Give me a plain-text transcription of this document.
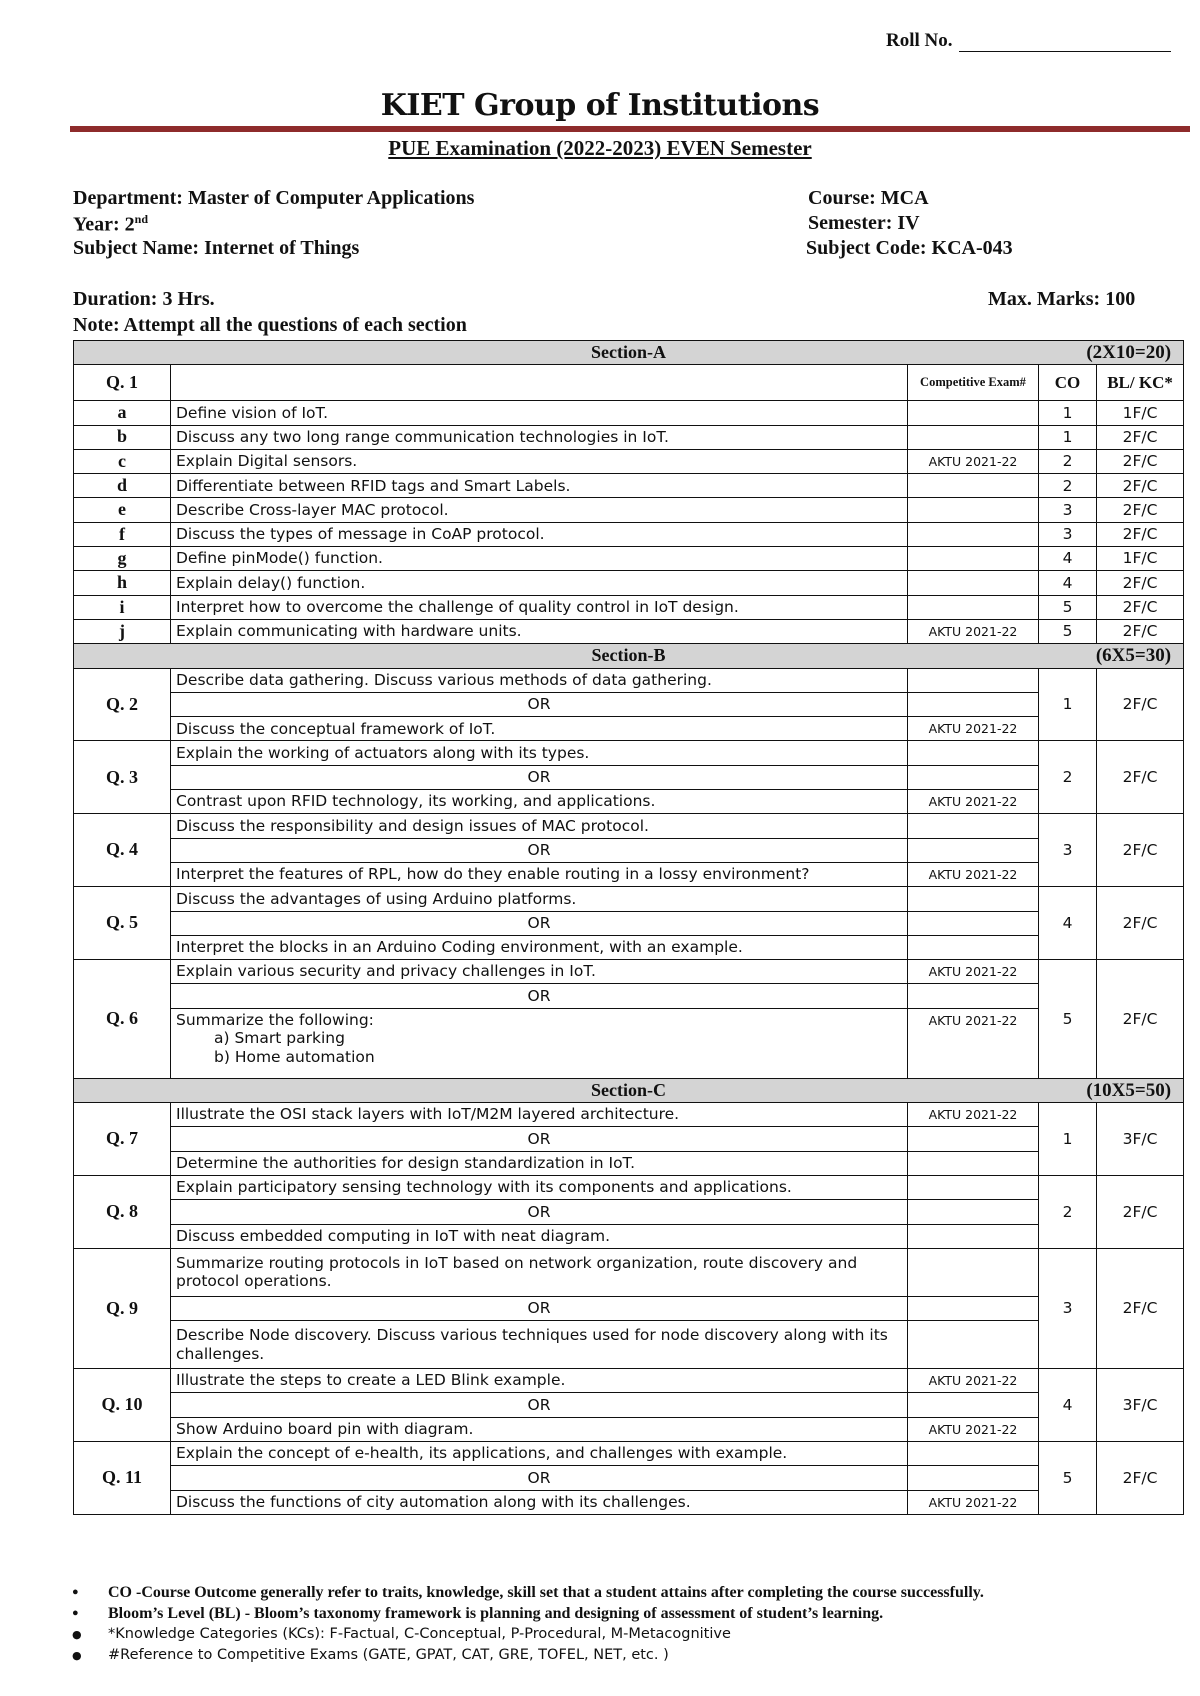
Roll No.
KIET Group of Institutions
PUE Examination (2022-2023) EVEN Semester
Department: Master of Computer Applications	Course: MCA
Year: 2nd	Semester: IV
Subject Name: Internet of Things	Subject Code: KCA-043
Duration: 3 Hrs.	Max. Marks: 100
Note: Attempt all the questions of each section
Section-A (2X10=20)				

Q. 1		Competitive Exam#	CO	BL/ KC*
a	Define vision of IoT.		1	1F/C
b	Discuss any two long range communication technologies in IoT.		1	2F/C
c	Explain Digital sensors.	AKTU 2021-22	2	2F/C
d	Differentiate between RFID tags and Smart Labels.		2	2F/C
e	Describe Cross-layer MAC protocol.		3	2F/C
f	Discuss the types of message in CoAP protocol.		3	2F/C
g	Define pinMode() function.		4	1F/C
h	Explain delay() function.		4	2F/C
i	Interpret how to overcome the challenge of quality control in IoT design.		5	2F/C
j	Explain communicating with hardware units.	AKTU 2021-22	5	2F/C
Section-B (6X5=30)				

Q. 2	Describe data gathering. Discuss various methods of data gathering.		1	2F/C
	OR			
	Discuss the conceptual framework of IoT.	AKTU 2021-22		
Q. 3	Explain the working of actuators along with its types.		2	2F/C
	OR			
	Contrast upon RFID technology, its working, and applications.	AKTU 2021-22		
Q. 4	Discuss the responsibility and design issues of MAC protocol.		3	2F/C
	OR			
	Interpret the features of RPL, how do they enable routing in a lossy environment?	AKTU 2021-22		
Q. 5	Discuss the advantages of using Arduino platforms.		4	2F/C
	OR			
	Interpret the blocks in an Arduino Coding environment, with an example.			
Q. 6	Explain various security and privacy challenges in IoT.	AKTU 2021-22	5	2F/C
	OR			

	Summarize the following:
a) Smart parking
b) Home automation	AKTU 2021-22		
Section-C (10X5=50)				

Q. 7	Illustrate the OSI stack layers with IoT/M2M layered architecture.	AKTU 2021-22	1	3F/C
	OR			
	Determine the authorities for design standardization in IoT.			
Q. 8	Explain participatory sensing technology with its components and applications.		2	2F/C
	OR			
	Discuss embedded computing in IoT with neat diagram.			
Q. 9	Summarize routing protocols in IoT based on network organization, route discovery and protocol operations.		3	2F/C
	OR			
	Describe Node discovery. Discuss various techniques used for node discovery along with its challenges.			
Q. 10	Illustrate the steps to create a LED Blink example.	AKTU 2021-22	4	3F/C
	OR			
	Show Arduino board pin with diagram.	AKTU 2021-22		
Q. 11	Explain the concept of e-health, its applications, and challenges with example.		5	2F/C
	OR			
	Discuss the functions of city automation along with its challenges.	AKTU 2021-22		
● CO -Course Outcome generally refer to traits, knowledge, skill set that a student attains after completing the course successfully.
● Bloom’s Level (BL) - Bloom’s taxonomy framework is planning and designing of assessment of student’s learning.
● *Knowledge Categories (KCs): F-Factual, C-Conceptual, P-Procedural, M-Metacognitive
● #Reference to Competitive Exams (GATE, GPAT, CAT, GRE, TOFEL, NET, etc. )
